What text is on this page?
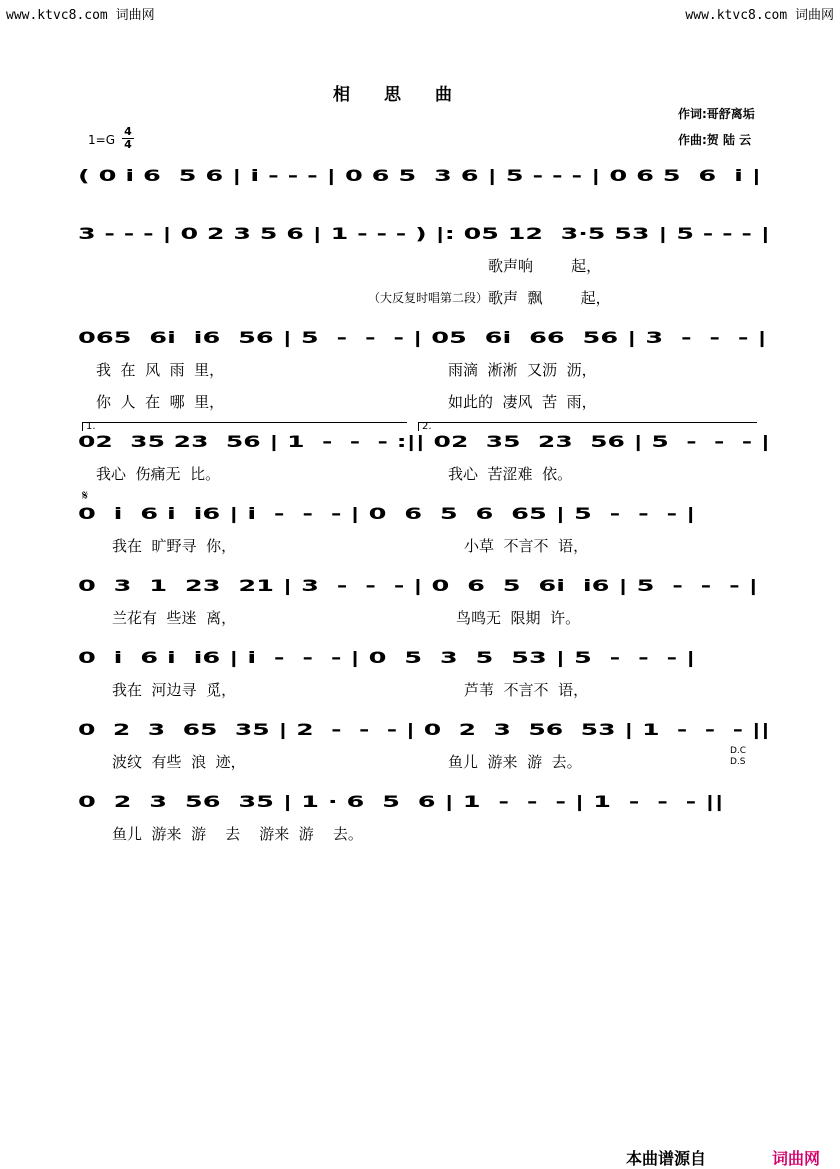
www.ktvc8.com 词曲网	www.ktvc8.com 词曲网
相思曲
作词:哥舒离垢
作曲:贺 陆 云
1=G
4
4
( 0 i 6  5 6 | i - - - | 0 6 5  3 6 | 5 - - - | 0 6 5  6  i |
3 - - - | 0 2 3 5 6 | 1 - - - ) |: 05 12  3·5 53 | 5 - - - |
歌声响        起，
（大反复时唱第二段） 歌声  飘        起，
065  6i  i6  56 | 5  -  -  - | 05  6i  66  56 | 3  -  -  - |
我  在  风  雨  里，	雨滴  淅淅  又沥  沥，
你  人  在  哪  里，	如此的  凄风  苦  雨，
1.	2.
02  35 23  56 | 1  -  -  - :|| 02  35  23  56 | 5  -  -  - |
我心  伤痛无  比。	我心  苦涩难  依。
𝄋
0  i  6 i  i6 | i  -  -  - | 0  6  5  6  65 | 5  -  -  - |
我在  旷野寻  你，	小草  不言不  语，
0  3  1  23  21 | 3  -  -  - | 0  6  5  6i  i6 | 5  -  -  - |
兰花有  些迷  离，	鸟鸣无  限期  许。
0  i  6 i  i6 | i  -  -  - | 0  5  3  5  53 | 5  -  -  - |
我在  河边寻  觅，	芦苇  不言不  语，
0  2  3  65  35 | 2  -  -  - | 0  2  3  56  53 | 1  -  -  - ||
波纹  有些  浪  迹，	鱼儿  游来  游  去。
D.C
D.S
0  2  3  56  35 | 1 · 6  5  6 | 1  -  -  - | 1  -  -  - ||
鱼儿  游来  游    去    游来  游    去。
本曲谱源自	词曲网
